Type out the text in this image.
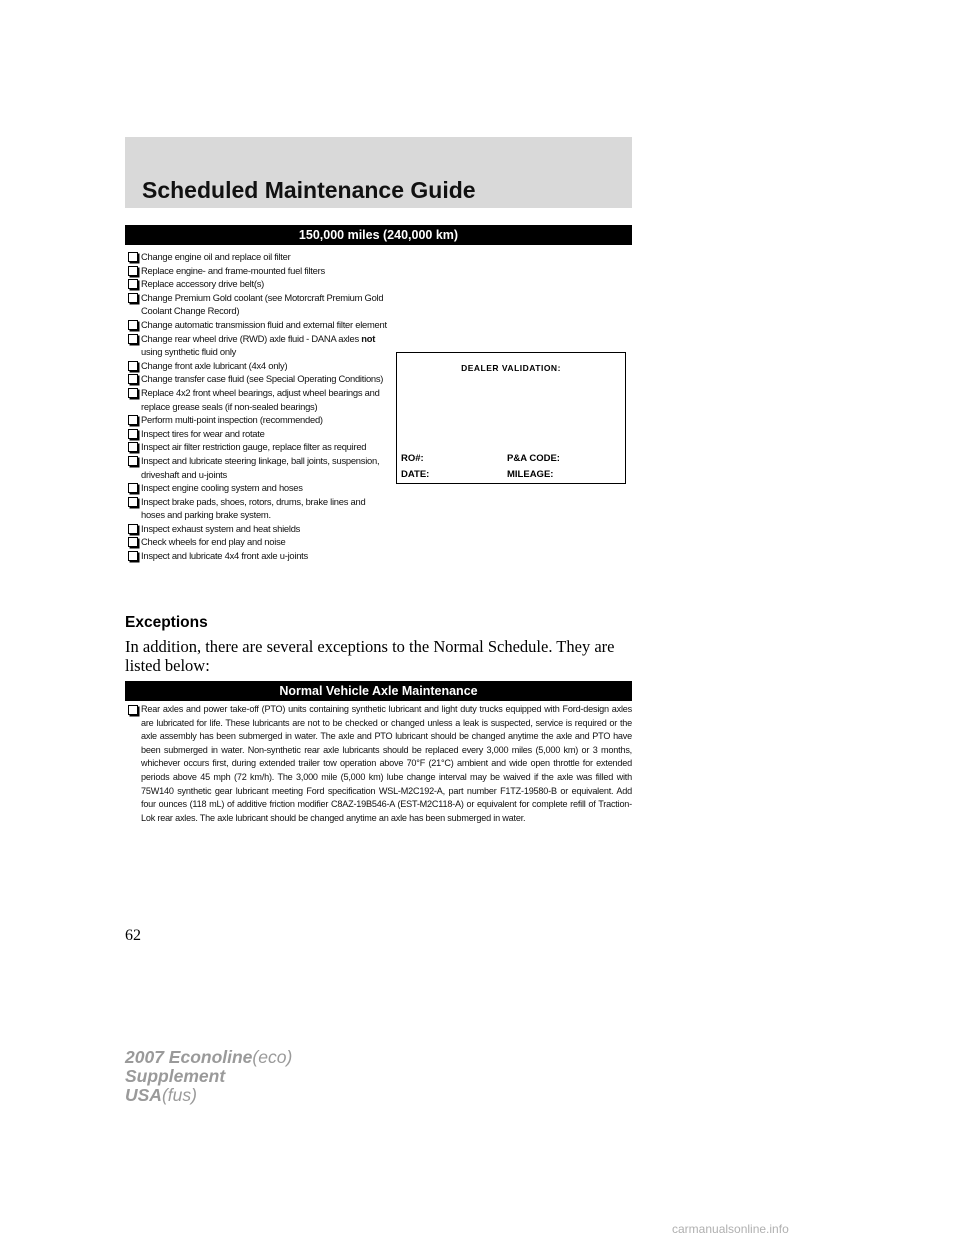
Scheduled Maintenance Guide
150,000 miles (240,000 km)
Change engine oil and replace oil filter
Replace engine- and frame-mounted fuel filters
Replace accessory drive belt(s)
Change Premium Gold coolant (see Motorcraft Premium Gold Coolant Change Record)
Change automatic transmission fluid and external filter element
Change rear wheel drive (RWD) axle fluid - DANA axles not using synthetic fluid only
Change front axle lubricant (4x4 only)
Change transfer case fluid (see Special Operating Conditions)
Replace 4x2 front wheel bearings, adjust wheel bearings and replace grease seals (if non-sealed bearings)
Perform multi-point inspection (recommended)
Inspect tires for wear and rotate
Inspect air filter restriction gauge, replace filter as required
Inspect and lubricate steering linkage, ball joints, suspension, driveshaft and u-joints
Inspect engine cooling system and hoses
Inspect brake pads, shoes, rotors, drums, brake lines and hoses and parking brake system.
Inspect exhaust system and heat shields
Check wheels for end play and noise
Inspect and lubricate 4x4 front axle u-joints
DEALER VALIDATION:
RO#:	P&A CODE:
DATE:	MILEAGE:
Exceptions
In addition, there are several exceptions to the Normal Schedule. They are listed below:
Normal Vehicle Axle Maintenance
Rear axles and power take-off (PTO) units containing synthetic lubricant and light duty trucks equipped with Ford-design axles are lubricated for life. These lubricants are not to be checked or changed unless a leak is suspected, service is required or the axle assembly has been submerged in water. The axle and PTO lubricant should be changed anytime the axle and PTO have been submerged in water. Non-synthetic rear axle lubricants should be replaced every 3,000 miles (5,000 km) or 3 months, whichever occurs first, during extended trailer tow operation above 70°F (21°C) ambient and wide open throttle for extended periods above 45 mph (72 km/h). The 3,000 mile (5,000 km) lube change interval may be waived if the axle was filled with 75W140 synthetic gear lubricant meeting Ford specification WSL-M2C192-A, part number F1TZ-19580-B or equivalent. Add four ounces (118 mL) of additive friction modifier C8AZ-19B546-A (EST-M2C118-A) or equivalent for complete refill of Traction-Lok rear axles. The axle lubricant should be changed anytime an axle has been submerged in water.
62
2007 Econoline(eco)
Supplement
USA(fus)
carmanualsonline.info
